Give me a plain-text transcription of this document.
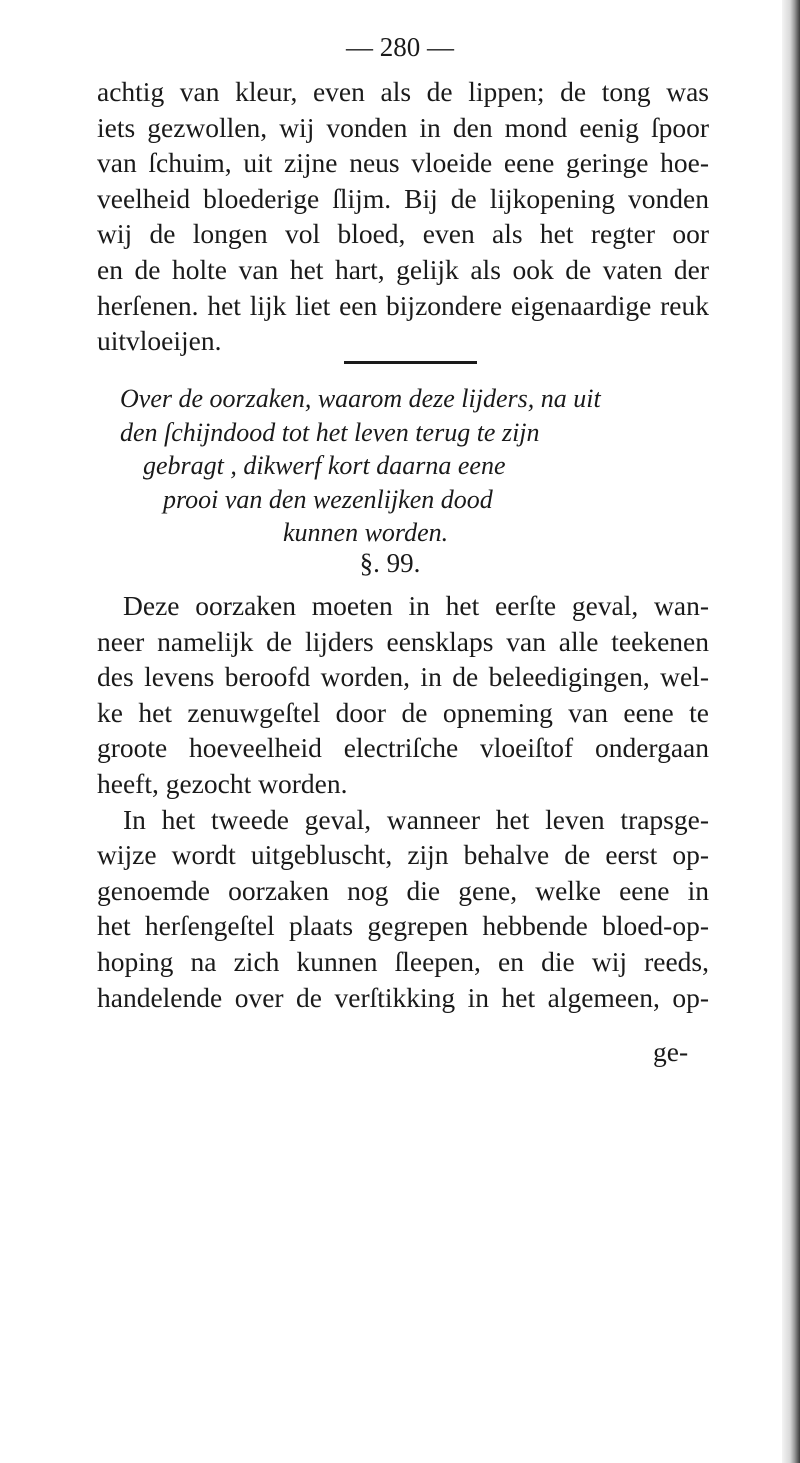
— 280 —
achtig van kleur, even als de lippen; de tong was
iets gezwollen, wij vonden in den mond eenig ſpoor
van ſchuim, uit zijne neus vloeide eene geringe hoe-
veelheid bloederige ſlijm. Bij de lijkopening vonden
wij de longen vol bloed, even als het regter oor
en de holte van het hart, gelijk als ook de vaten der
herſenen. het lijk liet een bijzondere eigenaardige reuk
uitvloeijen.
Over de oorzaken, waarom deze lijders, na uit
den ſchijndood tot het leven terug te zijn
gebragt , dikwerf kort daarna eene
prooi van den wezenlijken dood
kunnen worden.
§. 99.
Deze oorzaken moeten in het eerſte geval, wan-
neer namelijk de lijders eensklaps van alle teekenen
des levens beroofd worden, in de beleedigingen, wel-
ke het zenuwgeſtel door de opneming van eene te
groote hoeveelheid electriſche vloeiſtof ondergaan
heeft, gezocht worden.
In het tweede geval, wanneer het leven trapsge-
wijze wordt uitgebluscht, zijn behalve de eerst op-
genoemde oorzaken nog die gene, welke eene in
het herſengeſtel plaats gegrepen hebbende bloed-op-
hoping na zich kunnen ſleepen, en die wij reeds,
handelende over de verſtikking in het algemeen, op-
ge-
